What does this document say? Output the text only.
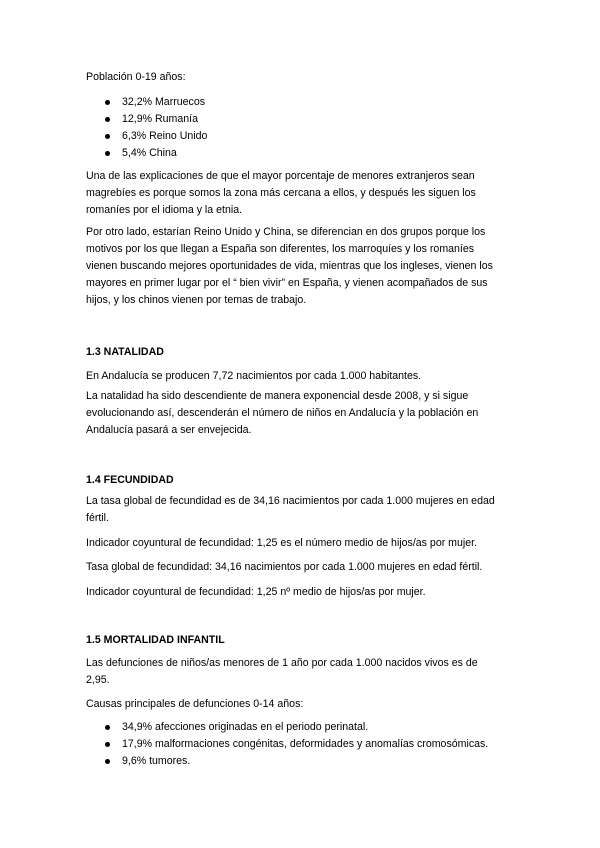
Población 0-19 años:

32,2% Marruecos
12,9% Rumanía
6,3% Reino Unido
5,4% China

Una de las explicaciones de que el mayor porcentaje de menores extranjeros sean
magrebíes es porque somos la zona más cercana a ellos, y después les siguen los
romaníes por el idioma y la etnia.

Por otro lado, estarían Reino Unido y China, se diferencian en dos grupos porque los
motivos por los que llegan a España son diferentes, los marroquíes y los romaníes
vienen buscando mejores oportunidades de vida, mientras que los ingleses, vienen los
mayores en primer lugar por el “ bien vivir” en España, y vienen acompañados de sus
hijos, y los chinos vienen por temas de trabajo.

1.3 NATALIDAD

En Andalucía se producen 7,72 nacimientos por cada 1.000 habitantes.

La natalidad ha sido descendiente de manera exponencial desde 2008, y si sigue
evolucionando así, descenderán el número de niños en Andalucía y la población en
Andalucía pasará a ser envejecida.

1.4 FECUNDIDAD

La tasa global de fecundidad es de 34,16 nacimientos por cada 1.000 mujeres en edad
fértil.

Indicador coyuntural de fecundidad: 1,25 es el número medio de hijos/as por mujer.

Tasa global de fecundidad: 34,16 nacimientos por cada 1.000 mujeres en edad fértil.

Indicador coyuntural de fecundidad: 1,25 nº medio de hijos/as por mujer.

1.5 MORTALIDAD INFANTIL

Las defunciones de niños/as menores de 1 año por cada 1.000 nacidos vivos es de
2,95.

Causas principales de defunciones 0-14 años:

34,9% afecciones originadas en el periodo perinatal.
17,9% malformaciones congénitas, deformidades y anomalías cromosómicas.
9,6% tumores.
